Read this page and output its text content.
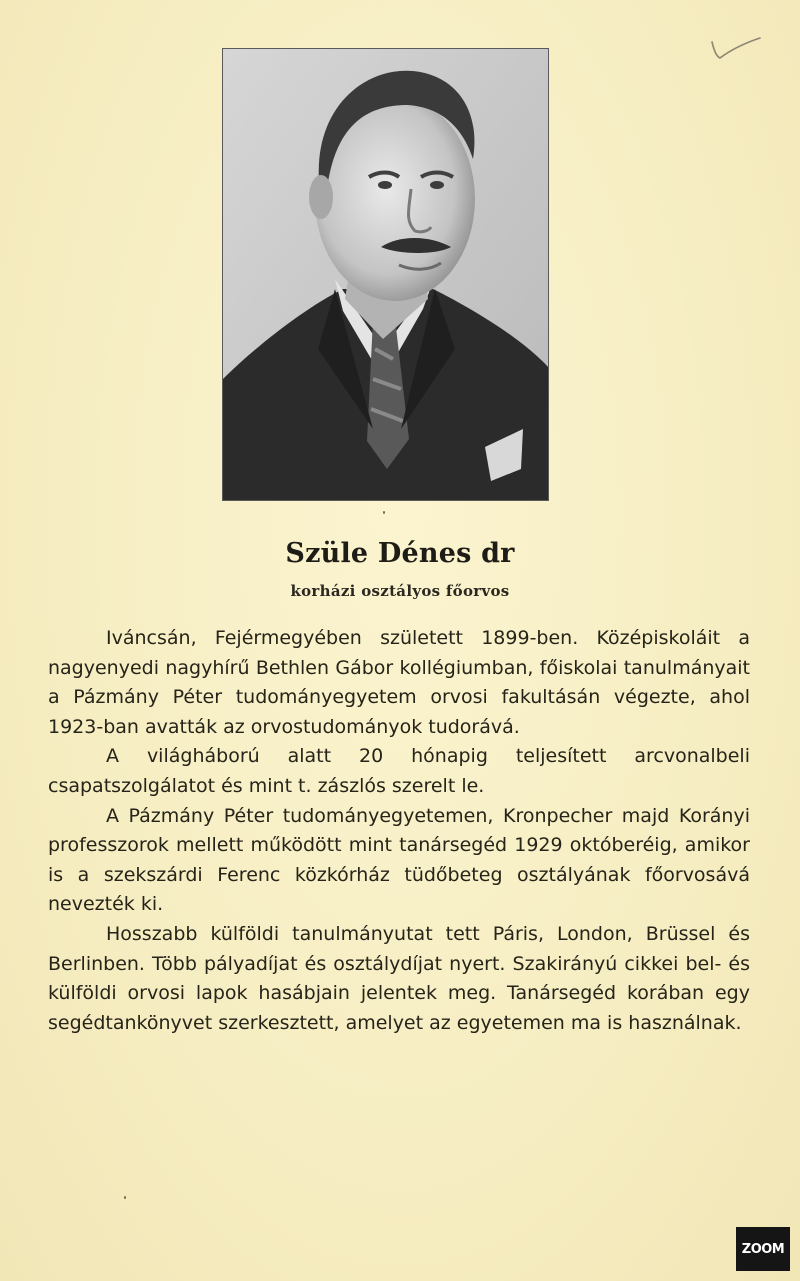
Szüle Dénes dr
korházi osztályos főorvos

Iváncsán, Fejérmegyében született 1899-ben. Középiskoláit a nagyenyedi nagyhírű Bethlen Gábor kollégiumban, főiskolai tanulmányait a Pázmány Péter tudományegyetem orvosi fakultásán végezte, ahol 1923-ban avatták az orvostudományok tudorává.

A világháború alatt 20 hónapig teljesített arcvonalbeli csapatszolgálatot és mint t. zászlós szerelt le.

A Pázmány Péter tudományegyetemen, Kronpecher majd Korányi professzorok mellett működött mint tanársegéd 1929 októberéig, amikor is a szekszárdi Ferenc közkórház tüdőbeteg osztályának főorvosává nevezték ki.

Hosszabb külföldi tanulmányutat tett Páris, London, Brüssel és Berlinben. Több pályadíjat és osztálydíjat nyert. Szakirányú cikkei bel- és külföldi orvosi lapok hasábjain jelentek meg. Tanársegéd korában egy segédtankönyvet szerkesztett, amelyet az egyetemen ma is használnak.

ZOOM
